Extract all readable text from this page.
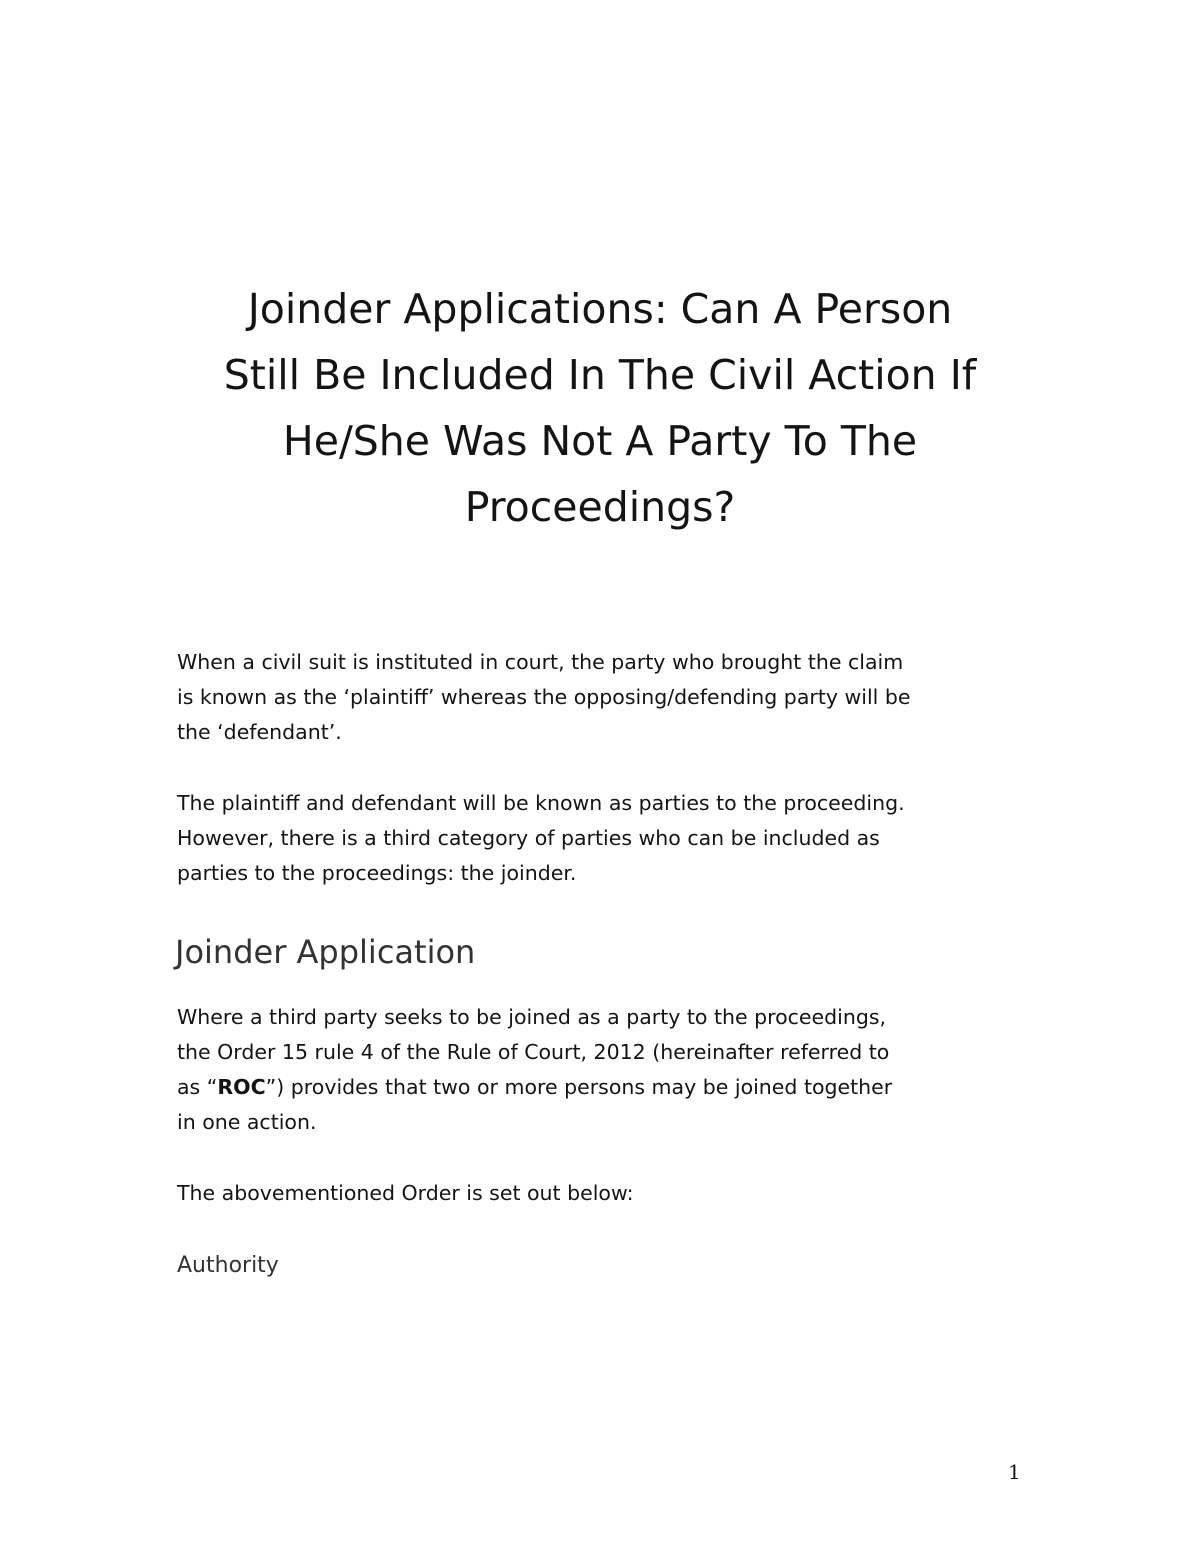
Joinder Applications: Can A Person
Still Be Included In The Civil Action If
He/She Was Not A Party To The
Proceedings?

When a civil suit is instituted in court, the party who brought the claim
is known as the ‘plaintiff’ whereas the opposing/defending party will be
the ‘defendant’.

The plaintiff and defendant will be known as parties to the proceeding.
However, there is a third category of parties who can be included as
parties to the proceedings: the joinder.

Joinder Application

Where a third party seeks to be joined as a party to the proceedings,
the Order 15 rule 4 of the Rule of Court, 2012 (hereinafter referred to
as “ROC”) provides that two or more persons may be joined together
in one action.

The abovementioned Order is set out below:

Authority

1
